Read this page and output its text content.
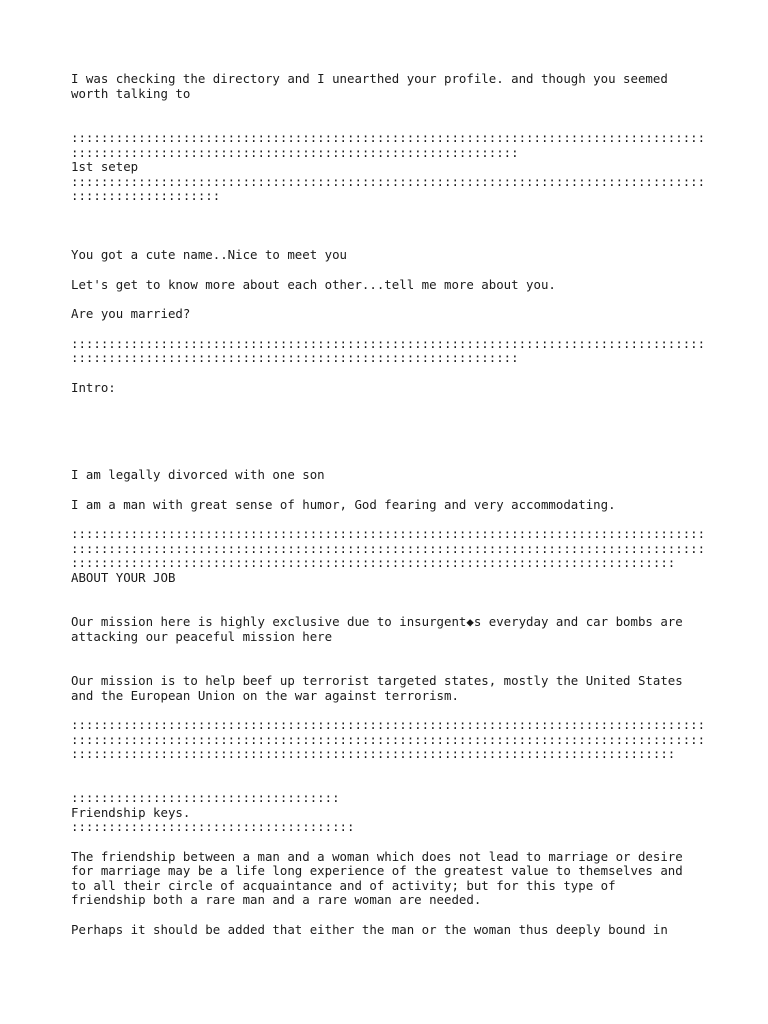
I was checking the directory and I unearthed your profile. and though you seemed

worth talking to

:::::::::::::::::::::::::::::::::::::::::::::::::::::::::::::::::::::::::::::::::::::

::::::::::::::::::::::::::::::::::::::::::::::::::::::::::::

1st setep

:::::::::::::::::::::::::::::::::::::::::::::::::::::::::::::::::::::::::::::::::::::

::::::::::::::::::::

You got a cute name..Nice to meet you

Let's get to know more about each other...tell me more about you.

Are you married?

:::::::::::::::::::::::::::::::::::::::::::::::::::::::::::::::::::::::::::::::::::::

::::::::::::::::::::::::::::::::::::::::::::::::::::::::::::

Intro:

I am legally divorced with one son

I am a man with great sense of humor, God fearing and very accommodating.

:::::::::::::::::::::::::::::::::::::::::::::::::::::::::::::::::::::::::::::::::::::

:::::::::::::::::::::::::::::::::::::::::::::::::::::::::::::::::::::::::::::::::::::

:::::::::::::::::::::::::::::::::::::::::::::::::::::::::::::::::::::::::::::::::

ABOUT YOUR JOB

Our mission here is highly exclusive due to insurgent◆s everyday and car bombs are

attacking our peaceful mission here

Our mission is to help beef up terrorist targeted states, mostly the United States

and the European Union on the war against terrorism.

:::::::::::::::::::::::::::::::::::::::::::::::::::::::::::::::::::::::::::::::::::::

:::::::::::::::::::::::::::::::::::::::::::::::::::::::::::::::::::::::::::::::::::::

:::::::::::::::::::::::::::::::::::::::::::::::::::::::::::::::::::::::::::::::::

::::::::::::::::::::::::::::::::::::

Friendship keys.

::::::::::::::::::::::::::::::::::::::

The friendship between a man and a woman which does not lead to marriage or desire

for marriage may be a life long experience of the greatest value to themselves and

to all their circle of acquaintance and of activity; but for this type of

friendship both a rare man and a rare woman are needed.

Perhaps it should be added that either the man or the woman thus deeply bound in
